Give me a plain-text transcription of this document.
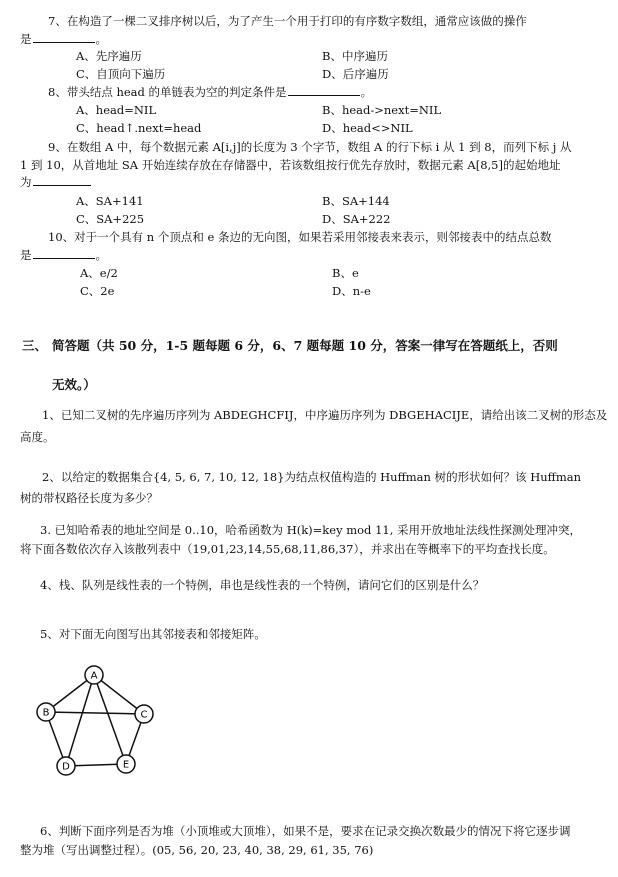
7、在构造了一棵二叉排序树以后，为了产生一个用于打印的有序数字数组，通常应该做的操作
是	。
A、先序遍历	B、中序遍历
C、自顶向下遍历	D、后序遍历
8、带头结点 head 的单链表为空的判定条件是	。
A、head=NIL	B、head->next=NIL
C、head↑.next=head	D、head<>NIL
9、在数组 A 中，每个数据元素 A[i,j]的长度为 3 个字节，数组 A 的行下标 i 从 1 到 8，而列下标 j 从
1 到 10，从首地址 SA 开始连续存放在存储器中，若该数组按行优先存放时，数据元素 A[8,5]的起始地址
为
A、SA+141	B、SA+144
C、SA+225	D、SA+222
10、对于一个具有 n 个顶点和 e 条边的无向图，如果若采用邻接表来表示，则邻接表中的结点总数
是	。
A、e/2	B、e
C、2e	D、n-e
三、 简答题（共 50 分，1-5 题每题 6 分，6、7 题每题 10 分，答案一律写在答题纸上，否则
无效。）
1、已知二叉树的先序遍历序列为 ABDEGHCFIJ，中序遍历序列为 DBGEHACIJE，请给出该二叉树的形态及
高度。
2、以给定的数据集合{4, 5, 6, 7, 10, 12, 18}为结点权值构造的 Huffman 树的形状如何？该 Huffman
树的带权路径长度为多少？
3. 已知哈希表的地址空间是 0..10，哈希函数为 H(k)=key mod 11, 采用开放地址法线性探测处理冲突，
将下面各数依次存入该散列表中（19,01,23,14,55,68,11,86,37），并求出在等概率下的平均查找长度。
4、栈、队列是线性表的一个特例，串也是线性表的一个特例，请问它们的区别是什么？
5、对下面无向图写出其邻接表和邻接矩阵。
A
B	C
D	E
6、判断下面序列是否为堆（小顶堆或大顶堆），如果不是，要求在记录交换次数最少的情况下将它逐步调
整为堆（写出调整过程）。(05, 56, 20, 23, 40, 38, 29, 61, 35, 76)
